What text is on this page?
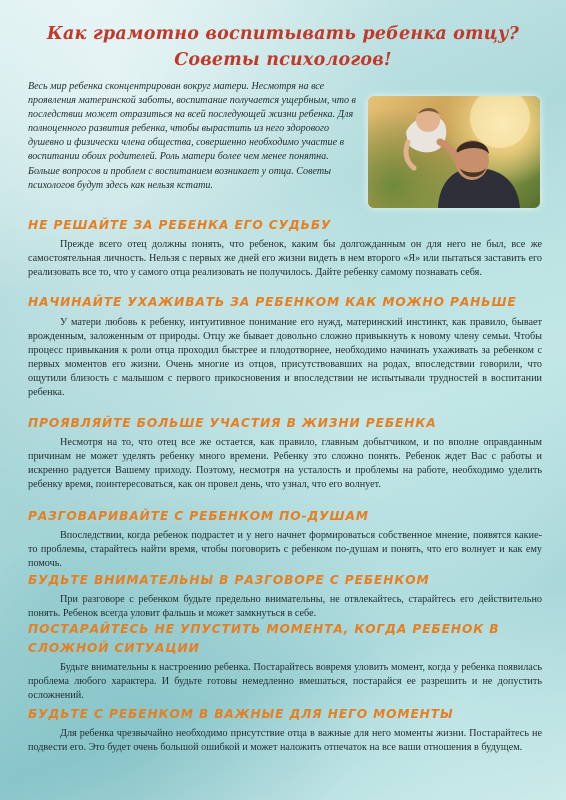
Как грамотно воспитывать ребенка отцу?
Советы психологов!
Весь мир ребенка сконцентрирован вокруг матери. Несмотря на все проявления материнской заботы, воспитание получается ущербным, что в последствии может отразиться на всей последующей жизни ребенка. Для полноценного развития ребенка, чтобы вырастить из него здорового душевно и физически члена общества, совершенно необходимо участие в воспитании обоих родителей. Роль матери более чем менее понятна. Больше вопросов и проблем с воспитанием возникает у отца. Советы психологов будут здесь как нельзя кстати.
НЕ РЕШАЙТЕ ЗА РЕБЕНКА ЕГО СУДЬБУ
Прежде всего отец должны понять, что ребенок, каким бы долгожданным он для него не был, все же самостоятельная личность. Нельзя с первых же дней его жизни видеть в нем второго «Я» или пытаться заставить его реализовать все то, что у самого отца реализовать не получилось. Дайте ребенку самому познавать себя.
НАЧИНАЙТЕ УХАЖИВАТЬ ЗА РЕБЕНКОМ КАК МОЖНО РАНЬШЕ
У матери любовь к ребенку, интуитивное понимание его нужд, материнский инстинкт, как правило, бывает врожденным, заложенным от природы. Отцу же бывает довольно сложно привыкнуть к новому члену семьи. Чтобы процесс привыкания к роли отца проходил быстрее и плодотворнее, необходимо начинать ухаживать за ребенком с первых моментов его жизни. Очень многие из отцов, присутствовавших на родах, впоследствии говорили, что ощутили близость с малышом с первого прикосновения и впоследствии не испытывали трудностей в воспитании ребенка.
ПРОЯВЛЯЙТЕ БОЛЬШЕ УЧАСТИЯ В ЖИЗНИ РЕБЕНКА
Несмотря на то, что отец все же остается, как правило, главным добытчиком, и по вполне оправданным причинам не может уделять ребенку много времени. Ребенку это сложно понять. Ребенок ждет Вас с работы и искренно радуется Вашему приходу. Поэтому, несмотря на усталость и проблемы на работе, необходимо уделить ребенку время, поинтересоваться, как он провел день, что узнал, что его волнует.
РАЗГОВАРИВАЙТЕ С РЕБЕНКОМ ПО-ДУШАМ
Впоследствии, когда ребенок подрастет и у него начнет формироваться собственное мнение, появятся какие-то проблемы, старайтесь найти время, чтобы поговорить с ребенком по-душам и понять, что его волнует и как ему помочь.
БУДЬТЕ ВНИМАТЕЛЬНЫ В РАЗГОВОРЕ С РЕБЕНКОМ
При разговоре с ребенком будьте предельно внимательны, не отвлекайтесь, старайтесь его действительно понять. Ребенок всегда уловит фальшь и может замкнуться в себе.
ПОСТАРАЙТЕСЬ НЕ УПУСТИТЬ МОМЕНТА, КОГДА РЕБЕНОК В СЛОЖНОЙ СИТУАЦИИ
Будьте внимательны к настроению ребенка. Постарайтесь вовремя уловить момент, когда у ребенка появилась проблема любого характера. И будьте готовы немедленно вмешаться, постарайся ее разрешить и не допустить осложнений.
БУДЬТЕ С РЕБЕНКОМ В ВАЖНЫЕ ДЛЯ НЕГО МОМЕНТЫ
Для ребенка чрезвычайно необходимо присутствие отца в важные для него моменты жизни. Постарайтесь не подвести его. Это будет очень большой ошибкой и может наложить отпечаток на все ваши отношения в будущем.
